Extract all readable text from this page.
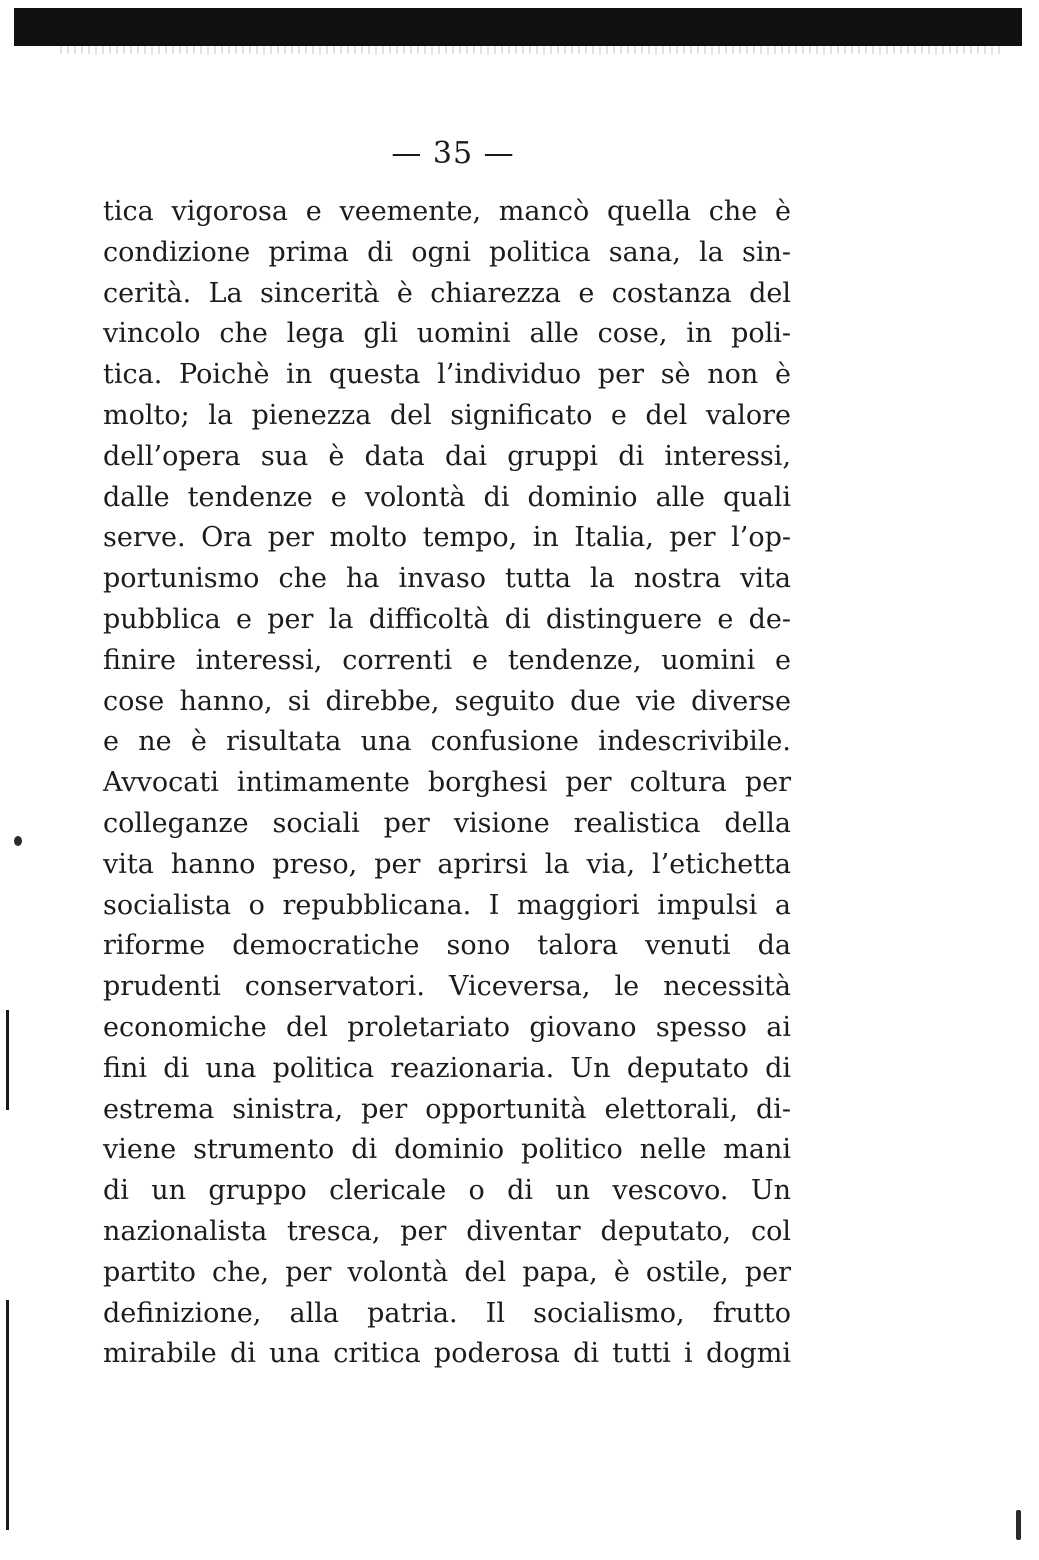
— 35 —
tica vigorosa e veemente, mancò quella che è
condizione prima di ogni politica sana, la sin-
cerità. La sincerità è chiarezza e costanza del
vincolo che lega gli uomini alle cose, in poli-
tica. Poichè in questa l’individuo per sè non è
molto; la pienezza del significato e del valore
dell’opera sua è data dai gruppi di interessi,
dalle tendenze e volontà di dominio alle quali
serve. Ora per molto tempo, in Italia, per l’op-
portunismo che ha invaso tutta la nostra vita
pubblica e per la difficoltà di distinguere e de-
finire interessi, correnti e tendenze, uomini e
cose hanno, si direbbe, seguito due vie diverse
e ne è risultata una confusione indescrivibile.
Avvocati intimamente borghesi per coltura per
colleganze sociali per visione realistica della
vita hanno preso, per aprirsi la via, l’etichetta
socialista o repubblicana. I maggiori impulsi a
riforme democratiche sono talora venuti da
prudenti conservatori. Viceversa, le necessità
economiche del proletariato giovano spesso ai
fini di una politica reazionaria. Un deputato di
estrema sinistra, per opportunità elettorali, di-
viene strumento di dominio politico nelle mani
di un gruppo clericale o di un vescovo. Un
nazionalista tresca, per diventar deputato, col
partito che, per volontà del papa, è ostile, per
definizione, alla patria. Il socialismo, frutto
mirabile di una critica poderosa di tutti i dogmi
